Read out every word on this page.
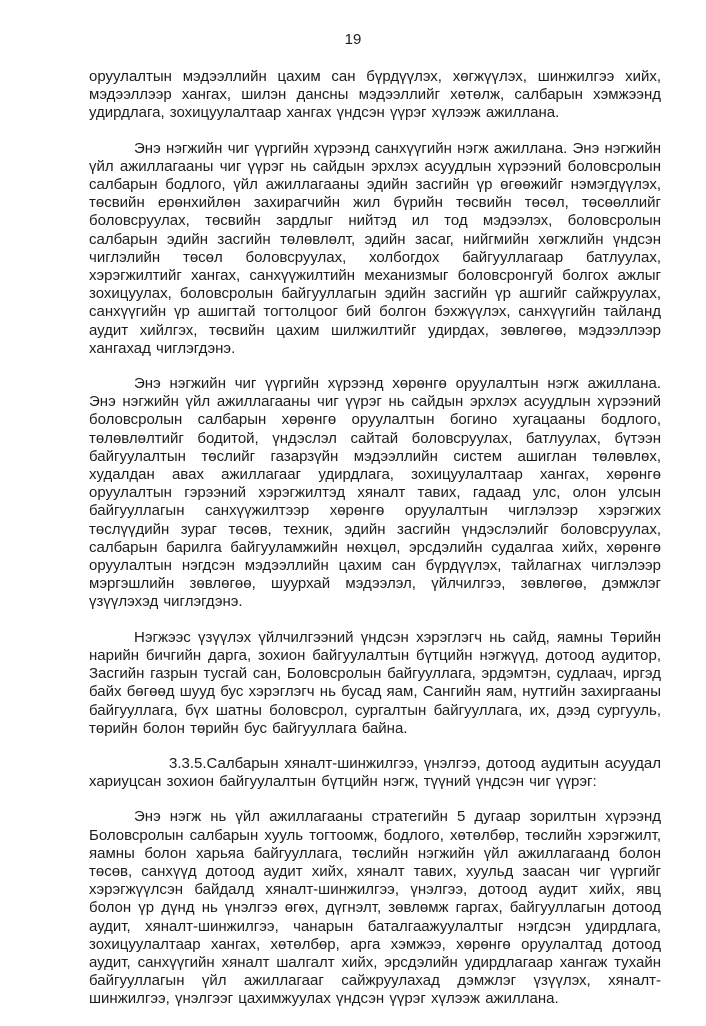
19

оруулалтын мэдээллийн цахим сан бүрдүүлэх, хөгжүүлэх, шинжилгээ хийх, мэдээллээр хангах, шилэн дансны мэдээллийг хөтөлж, салбарын хэмжээнд удирдлага, зохицуулалтаар хангах үндсэн үүрэг хүлээж ажиллана.

Энэ нэгжийн чиг үүргийн хүрээнд санхүүгийн нэгж ажиллана. Энэ нэгжийн үйл ажиллагааны чиг үүрэг нь сайдын эрхлэх асуудлын хүрээний боловсролын салбарын бодлого, үйл ажиллагааны эдийн засгийн үр өгөөжийг нэмэгдүүлэх, төсвийн ерөнхийлөн захирагчийн жил бүрийн төсвийн төсөл, төсөөллийг боловсруулах, төсвийн зардлыг нийтэд ил тод мэдээлэх, боловсролын салбарын эдийн засгийн төлөвлөлт, эдийн засаг, нийгмийн хөгжлийн үндсэн чиглэлийн төсөл боловсруулах, холбогдох байгууллагаар батлуулах, хэрэгжилтийг хангах, санхүүжилтийн механизмыг боловсронгуй болгох ажлыг зохицуулах, боловсролын байгууллагын эдийн засгийн үр ашгийг сайжруулах, санхүүгийн үр ашигтай тогтолцоог бий болгон бэхжүүлэх, санхүүгийн тайланд аудит хийлгэх, төсвийн цахим шилжилтийг удирдах, зөвлөгөө, мэдээллээр хангахад чиглэгдэнэ.

Энэ нэгжийн чиг үүргийн хүрээнд хөрөнгө оруулалтын нэгж ажиллана. Энэ нэгжийн үйл ажиллагааны чиг үүрэг нь сайдын эрхлэх асуудлын хүрээний боловсролын салбарын хөрөнгө оруулалтын богино хугацааны бодлого, төлөвлөлтийг бодитой, үндэслэл сайтай боловсруулах, батлуулах, бүтээн байгуулалтын төслийг газарзүйн мэдээллийн систем ашиглан төлөвлөх, худалдан авах ажиллагааг удирдлага, зохицуулалтаар хангах, хөрөнгө оруулалтын гэрээний хэрэгжилтэд хяналт тавих, гадаад улс, олон улсын байгууллагын санхүүжилтээр хөрөнгө оруулалтын чиглэлээр хэрэгжих төслүүдийн зураг төсөв, техник, эдийн засгийн үндэслэлийг боловсруулах, салбарын барилга байгууламжийн нөхцөл, эрсдэлийн судалгаа хийх, хөрөнгө оруулалтын нэгдсэн мэдээллийн цахим сан бүрдүүлэх, тайлагнах чиглэлээр мэргэшлийн зөвлөгөө, шуурхай мэдээлэл, үйлчилгээ, зөвлөгөө, дэмжлэг үзүүлэхэд чиглэгдэнэ.

Нэгжээс үзүүлэх үйлчилгээний үндсэн хэрэглэгч нь сайд, яамны Төрийн нарийн бичгийн дарга, зохион байгуулалтын бүтцийн нэгжүүд, дотоод аудитор, Засгийн газрын тусгай сан, Боловсролын байгууллага, эрдэмтэн, судлаач, иргэд байх бөгөөд шууд бус хэрэглэгч нь бусад яам, Сангийн яам, нутгийн захиргааны байгууллага, бүх шатны боловсрол, сургалтын байгууллага, их, дээд сургууль, төрийн болон төрийн бус байгууллага байна.

3.3.5.Салбарын хяналт-шинжилгээ, үнэлгээ, дотоод аудитын асуудал хариуцсан зохион байгуулалтын бүтцийн нэгж, түүний үндсэн чиг үүрэг:

Энэ нэгж нь үйл ажиллагааны стратегийн 5 дугаар зорилтын хүрээнд Боловсролын салбарын хууль тогтоомж, бодлого, хөтөлбөр, төслийн хэрэгжилт, яамны болон харьяа байгууллага, төслийн нэгжийн үйл ажиллагаанд болон төсөв, санхүүд дотоод аудит хийх, хяналт тавих, хуульд заасан чиг үүргийг хэрэгжүүлсэн байдалд хяналт-шинжилгээ, үнэлгээ, дотоод аудит хийх, явц болон үр дүнд нь үнэлгээ өгөх, дүгнэлт, зөвлөмж гаргах, байгууллагын дотоод аудит, хяналт-шинжилгээ, чанарын баталгаажуулалтыг нэгдсэн удирдлага, зохицуулалтаар хангах, хөтөлбөр, арга хэмжээ, хөрөнгө оруулалтад дотоод аудит, санхүүгийн хяналт шалгалт хийх, эрсдэлийн удирдлагаар хангаж тухайн байгууллагын үйл ажиллагааг сайжруулахад дэмжлэг үзүүлэх, хяналт-шинжилгээ, үнэлгээг цахимжуулах үндсэн үүрэг хүлээж ажиллана.
